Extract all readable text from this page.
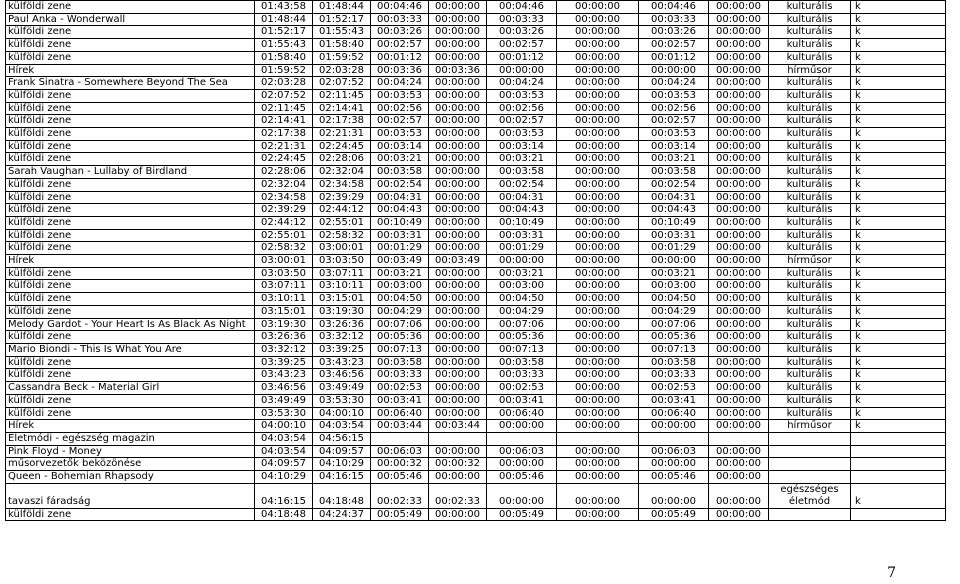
külföldi zene	01:43:58	01:48:44	00:04:46	00:00:00	00:04:46	00:00:00	00:04:46	00:00:00	kulturális	k
Paul Anka - Wonderwall	01:48:44	01:52:17	00:03:33	00:00:00	00:03:33	00:00:00	00:03:33	00:00:00	kulturális	k
külföldi zene	01:52:17	01:55:43	00:03:26	00:00:00	00:03:26	00:00:00	00:03:26	00:00:00	kulturális	k
külföldi zene	01:55:43	01:58:40	00:02:57	00:00:00	00:02:57	00:00:00	00:02:57	00:00:00	kulturális	k
külföldi zene	01:58:40	01:59:52	00:01:12	00:00:00	00:01:12	00:00:00	00:01:12	00:00:00	kulturális	k
Hírek	01:59:52	02:03:28	00:03:36	00:03:36	00:00:00	00:00:00	00:00:00	00:00:00	hírműsor	k
Frank Sinatra - Somewhere Beyond The Sea	02:03:28	02:07:52	00:04:24	00:00:00	00:04:24	00:00:00	00:04:24	00:00:00	kulturális	k
külföldi zene	02:07:52	02:11:45	00:03:53	00:00:00	00:03:53	00:00:00	00:03:53	00:00:00	kulturális	k
külföldi zene	02:11:45	02:14:41	00:02:56	00:00:00	00:02:56	00:00:00	00:02:56	00:00:00	kulturális	k
külföldi zene	02:14:41	02:17:38	00:02:57	00:00:00	00:02:57	00:00:00	00:02:57	00:00:00	kulturális	k
külföldi zene	02:17:38	02:21:31	00:03:53	00:00:00	00:03:53	00:00:00	00:03:53	00:00:00	kulturális	k
külföldi zene	02:21:31	02:24:45	00:03:14	00:00:00	00:03:14	00:00:00	00:03:14	00:00:00	kulturális	k
külföldi zene	02:24:45	02:28:06	00:03:21	00:00:00	00:03:21	00:00:00	00:03:21	00:00:00	kulturális	k
Sarah Vaughan - Lullaby of Birdland	02:28:06	02:32:04	00:03:58	00:00:00	00:03:58	00:00:00	00:03:58	00:00:00	kulturális	k
külföldi zene	02:32:04	02:34:58	00:02:54	00:00:00	00:02:54	00:00:00	00:02:54	00:00:00	kulturális	k
külföldi zene	02:34:58	02:39:29	00:04:31	00:00:00	00:04:31	00:00:00	00:04:31	00:00:00	kulturális	k
külföldi zene	02:39:29	02:44:12	00:04:43	00:00:00	00:04:43	00:00:00	00:04:43	00:00:00	kulturális	k
külföldi zene	02:44:12	02:55:01	00:10:49	00:00:00	00:10:49	00:00:00	00:10:49	00:00:00	kulturális	k
külföldi zene	02:55:01	02:58:32	00:03:31	00:00:00	00:03:31	00:00:00	00:03:31	00:00:00	kulturális	k
külföldi zene	02:58:32	03:00:01	00:01:29	00:00:00	00:01:29	00:00:00	00:01:29	00:00:00	kulturális	k
Hírek	03:00:01	03:03:50	00:03:49	00:03:49	00:00:00	00:00:00	00:00:00	00:00:00	hírműsor	k
külföldi zene	03:03:50	03:07:11	00:03:21	00:00:00	00:03:21	00:00:00	00:03:21	00:00:00	kulturális	k
külföldi zene	03:07:11	03:10:11	00:03:00	00:00:00	00:03:00	00:00:00	00:03:00	00:00:00	kulturális	k
külföldi zene	03:10:11	03:15:01	00:04:50	00:00:00	00:04:50	00:00:00	00:04:50	00:00:00	kulturális	k
külföldi zene	03:15:01	03:19:30	00:04:29	00:00:00	00:04:29	00:00:00	00:04:29	00:00:00	kulturális	k
Melody Gardot - Your Heart Is As Black As Night	03:19:30	03:26:36	00:07:06	00:00:00	00:07:06	00:00:00	00:07:06	00:00:00	kulturális	k
külföldi zene	03:26:36	03:32:12	00:05:36	00:00:00	00:05:36	00:00:00	00:05:36	00:00:00	kulturális	k
Mario Biondi - This Is What You Are	03:32:12	03:39:25	00:07:13	00:00:00	00:07:13	00:00:00	00:07:13	00:00:00	kulturális	k
külföldi zene	03:39:25	03:43:23	00:03:58	00:00:00	00:03:58	00:00:00	00:03:58	00:00:00	kulturális	k
külföldi zene	03:43:23	03:46:56	00:03:33	00:00:00	00:03:33	00:00:00	00:03:33	00:00:00	kulturális	k
Cassandra Beck - Material Girl	03:46:56	03:49:49	00:02:53	00:00:00	00:02:53	00:00:00	00:02:53	00:00:00	kulturális	k
külföldi zene	03:49:49	03:53:30	00:03:41	00:00:00	00:03:41	00:00:00	00:03:41	00:00:00	kulturális	k
külföldi zene	03:53:30	04:00:10	00:06:40	00:00:00	00:06:40	00:00:00	00:06:40	00:00:00	kulturális	k
Hírek	04:00:10	04:03:54	00:03:44	00:03:44	00:00:00	00:00:00	00:00:00	00:00:00	hírműsor	k
Életmódi - egészség magazin	04:03:54	04:56:15								
Pink Floyd - Money	04:03:54	04:09:57	00:06:03	00:00:00	00:06:03	00:00:00	00:06:03	00:00:00		
műsorvezetők beközönése	04:09:57	04:10:29	00:00:32	00:00:32	00:00:00	00:00:00	00:00:00	00:00:00		
Queen - Bohemian Rhapsody	04:10:29	04:16:15	00:05:46	00:00:00	00:05:46	00:00:00	00:05:46	00:00:00		
tavaszi fáradság	04:16:15	04:18:48	00:02:33	00:02:33	00:00:00	00:00:00	00:00:00	00:00:00	egészséges életmód	k
külföldi zene	04:18:48	04:24:37	00:05:49	00:00:00	00:05:49	00:00:00	00:05:49	00:00:00		
7
